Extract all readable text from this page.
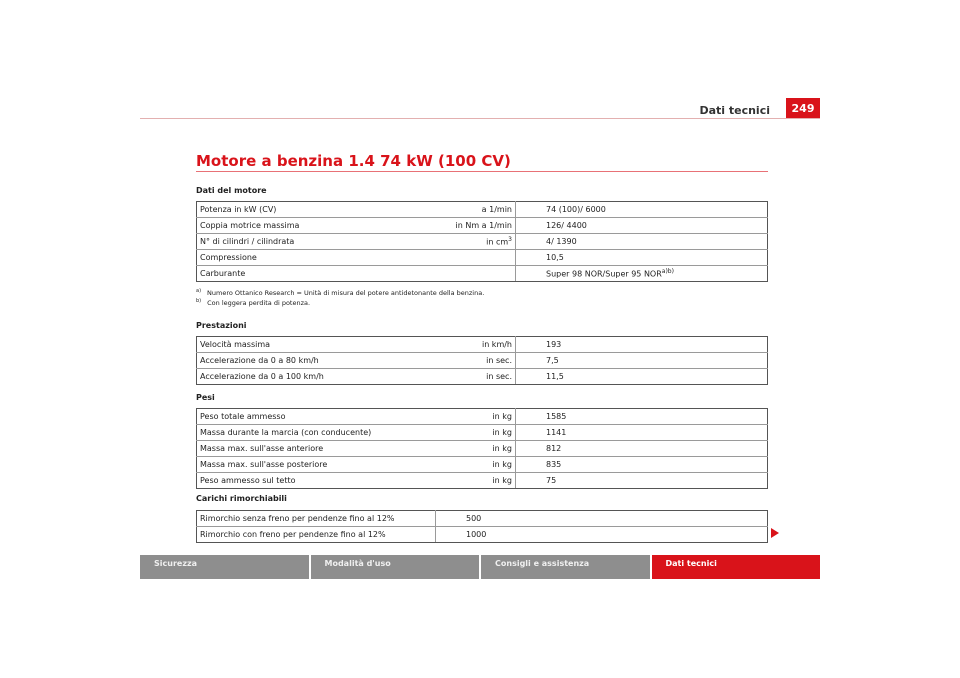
Dati tecnici	249
Motore a benzina 1.4 74 kW (100 CV)
Dati del motore
Potenza in kW (CV)	a 1/min	74 (100)/ 6000
Coppia motrice massima	in Nm a 1/min	126/ 4400
N° di cilindri / cilindrata	in $cm^3$	4/ 1390
Compressione		10,5
Carburante		Super 98 NOR/Super 95 $NOR^{a)b)}$
$^{a)}$ Numero Ottanico Research = Unità di misura del potere antidetonante della benzina.
$^{b)}$ Con leggera perdita di potenza.
Prestazioni
Velocità massima	in km/h	193
Accelerazione da 0 a 80 km/h	in sec.	7,5
Accelerazione da 0 a 100 km/h	in sec.	11,5
Pesi
Peso totale ammesso	in kg	1585
Massa durante la marcia (con conducente)	in kg	1141
Massa max. sull'asse anteriore	in kg	812
Massa max. sull'asse posteriore	in kg	835
Peso ammesso sul tetto	in kg	75
Carichi rimorchiabili
Rimorchio senza freno per pendenze fino al 12%	500
Rimorchio con freno per pendenze fino al 12%	1000
Sicurezza	Modalità d'uso	Consigli e assistenza	Dati tecnici
